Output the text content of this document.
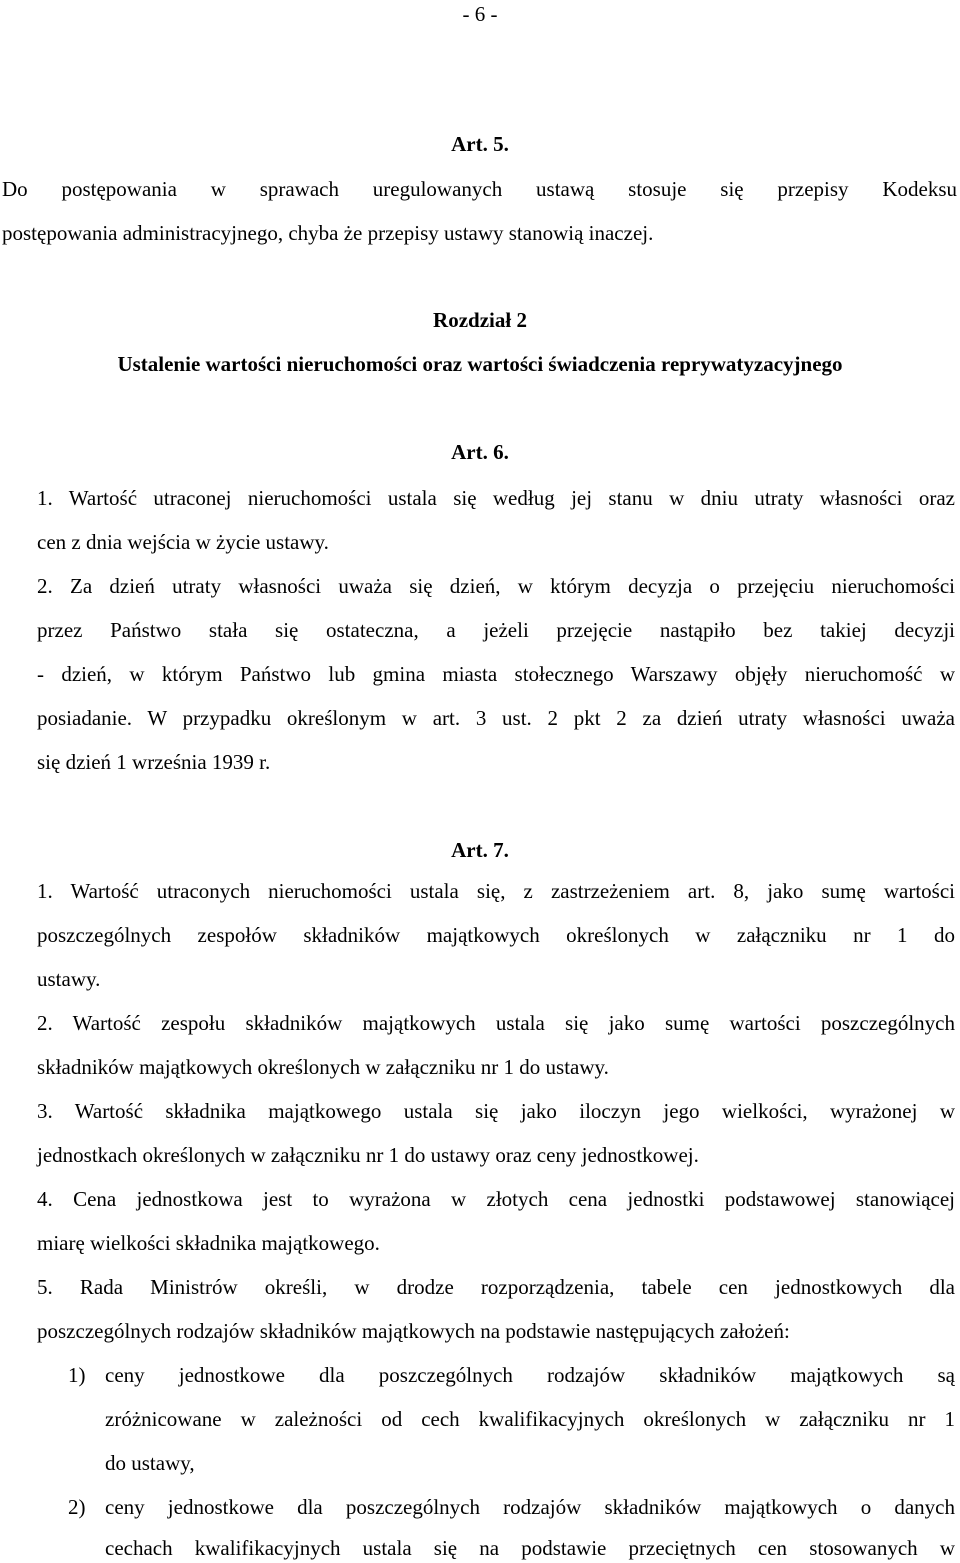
- 6 -
Art. 5.
Do postępowania w sprawach uregulowanych ustawą stosuje się przepisy Kodeksu
postępowania administracyjnego, chyba że przepisy ustawy stanowią inaczej.
Rozdział 2
Ustalenie wartości nieruchomości oraz wartości świadczenia reprywatyzacyjnego
Art. 6.
1. Wartość utraconej nieruchomości ustala się według jej stanu w dniu utraty własności oraz
cen z dnia wejścia w życie ustawy.
2. Za dzień utraty własności uważa się dzień, w którym decyzja o przejęciu nieruchomości
przez Państwo stała się ostateczna, a jeżeli przejęcie nastąpiło bez takiej decyzji
- dzień, w którym Państwo lub gmina miasta stołecznego Warszawy objęły nieruchomość w
posiadanie. W przypadku określonym w art. 3 ust. 2 pkt 2 za dzień utraty własności uważa
się dzień 1 września 1939 r.
Art. 7.
1. Wartość utraconych nieruchomości ustala się, z zastrzeżeniem art. 8, jako sumę wartości
poszczególnych zespołów składników majątkowych określonych w załączniku nr 1 do
ustawy.
2. Wartość zespołu składników majątkowych ustala się jako sumę wartości poszczególnych
składników majątkowych określonych w załączniku nr 1 do ustawy.
3. Wartość składnika majątkowego ustala się jako iloczyn jego wielkości, wyrażonej w
jednostkach określonych w załączniku nr 1 do ustawy oraz ceny jednostkowej.
4. Cena jednostkowa jest to wyrażona w złotych cena jednostki podstawowej stanowiącej
miarę wielkości składnika majątkowego.
5. Rada Ministrów określi, w drodze rozporządzenia, tabele cen jednostkowych dla
poszczególnych rodzajów składników majątkowych na podstawie następujących założeń:
1) ceny jednostkowe dla poszczególnych rodzajów składników majątkowych są
zróżnicowane w zależności od cech kwalifikacyjnych określonych w załączniku nr 1
do ustawy,
2) ceny jednostkowe dla poszczególnych rodzajów składników majątkowych o danych
cechach kwalifikacyjnych ustala się na podstawie przeciętnych cen stosowanych w
